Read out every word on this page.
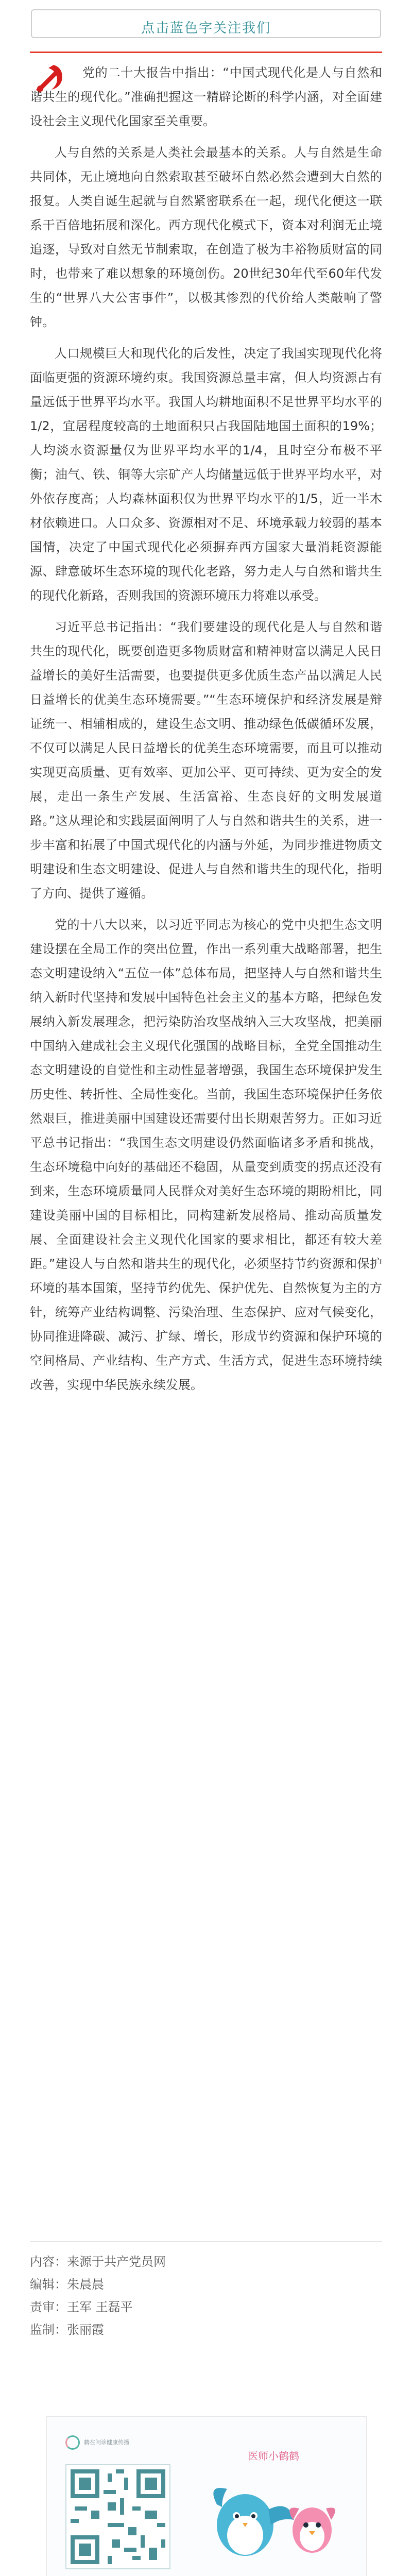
点击蓝色字关注我们

党的二十大报告中指出：“中国式现代化是人与自然和谐共生的现代化。”准确把握这一精辟论断的科学内涵，对全面建设社会主义现代化国家至关重要。

人与自然的关系是人类社会最基本的关系。人与自然是生命共同体，无止境地向自然索取甚至破坏自然必然会遭到大自然的报复。人类自诞生起就与自然紧密联系在一起，现代化便这一联系干百倍地拓展和深化。西方现代化模式下，资本对利润无止境追逐，导致对自然无节制索取，在创造了极为丰裕物质财富的同时，也带来了难以想象的环境创伤。20世纪30年代至60年代发生的“世界八大公害事件”，以极其惨烈的代价给人类敲响了警钟。

人口规模巨大和现代化的后发性，决定了我国实现现代化将面临更强的资源环境约束。我国资源总量丰富，但人均资源占有量远低于世界平均水平。我国人均耕地面积不足世界平均水平的1/2，宜居程度较高的土地面积只占我国陆地国土面积的19%；人均淡水资源量仅为世界平均水平的1/4，且时空分布极不平衡；油气、铁、铜等大宗矿产人均储量远低于世界平均水平，对外依存度高；人均森林面积仅为世界平均水平的1/5，近一半木材依赖进口。人口众多、资源相对不足、环境承载力较弱的基本国情，决定了中国式现代化必须摒弃西方国家大量消耗资源能源、肆意破坏生态环境的现代化老路，努力走人与自然和谐共生的现代化新路，否则我国的资源环境压力将难以承受。

习近平总书记指出：“我们要建设的现代化是人与自然和谐共生的现代化，既要创造更多物质财富和精神财富以满足人民日益增长的美好生活需要，也要提供更多优质生态产品以满足人民日益增长的优美生态环境需要。”“生态环境保护和经济发展是辩证统一、相辅相成的，建设生态文明、推动绿色低碳循环发展，不仅可以满足人民日益增长的优美生态环境需要，而且可以推动实现更高质量、更有效率、更加公平、更可持续、更为安全的发展，走出一条生产发展、生活富裕、生态良好的文明发展道路。”这从理论和实践层面阐明了人与自然和谐共生的关系，进一步丰富和拓展了中国式现代化的内涵与外延，为同步推进物质文明建设和生态文明建设、促进人与自然和谐共生的现代化，指明了方向、提供了遵循。

党的十八大以来，以习近平同志为核心的党中央把生态文明建设摆在全局工作的突出位置，作出一系列重大战略部署，把生态文明建设纳入“五位一体”总体布局，把坚持人与自然和谐共生纳入新时代坚持和发展中国特色社会主义的基本方略，把绿色发展纳入新发展理念，把污染防治攻坚战纳入三大攻坚战，把美丽中国纳入建成社会主义现代化强国的战略目标，全党全国推动生态文明建设的自觉性和主动性显著增强，我国生态环境保护发生历史性、转折性、全局性变化。当前，我国生态环境保护任务依然艰巨，推进美丽中国建设还需要付出长期艰苦努力。正如习近平总书记指出：“我国生态文明建设仍然面临诸多矛盾和挑战，生态环境稳中向好的基础还不稳固，从量变到质变的拐点还没有到来，生态环境质量同人民群众对美好生态环境的期盼相比，同建设美丽中国的目标相比，同构建新发展格局、推动高质量发展、全面建设社会主义现代化国家的要求相比，都还有较大差距。”建设人与自然和谐共生的现代化，必须坚持节约资源和保护环境的基本国策，坚持节约优先、保护优先、自然恢复为主的方针，统筹产业结构调整、污染治理、生态保护、应对气候变化，协同推进降碳、减污、扩绿、增长，形成节约资源和保护环境的空间格局、产业结构、生产方式、生活方式，促进生态环境持续改善，实现中华民族永续发展。

内容：来源于共产党员网
编辑：朱晨晨
责审：王军 王磊平
监制：张丽霞
鹤在问诊健康传播
医师小鹤鹤
